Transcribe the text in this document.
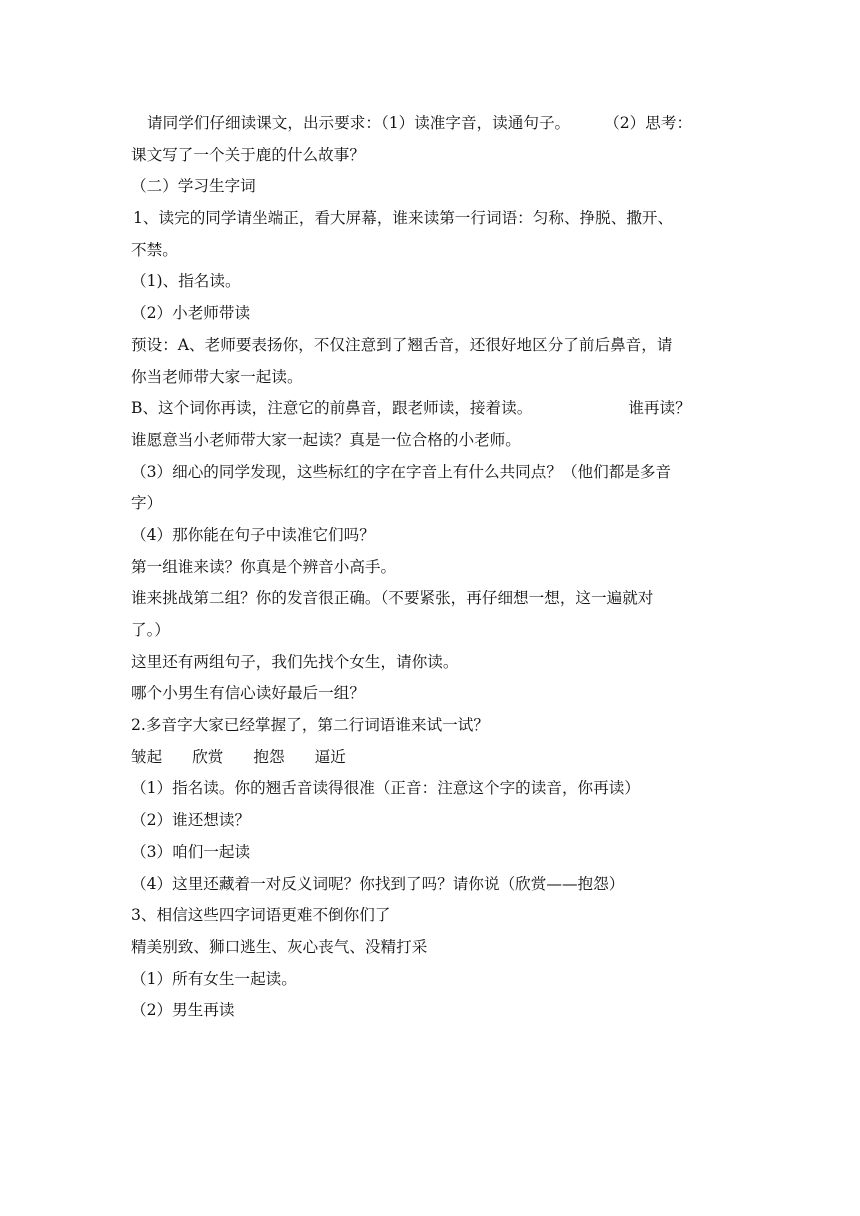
请同学们仔细读课文，出示要求：（1）读准字音，读通句子。 （2）思考：
课文写了一个关于鹿的什么故事？
（二）学习生字词
1、读完的同学请坐端正，看大屏幕，谁来读第一行词语：匀称、挣脱、撒开、
不禁。
（1)、指名读。
（2）小老师带读
预设：A、老师要表扬你，不仅注意到了翘舌音，还很好地区分了前后鼻音，请
你当老师带大家一起读。
B、这个词你再读，注意它的前鼻音，跟老师读，接着读。	谁再读？
谁愿意当小老师带大家一起读？真是一位合格的小老师。
（3）细心的同学发现，这些标红的字在字音上有什么共同点？（他们都是多音
字）
（4）那你能在句子中读准它们吗？
第一组谁来读？你真是个辨音小高手。
谁来挑战第二组？你的发音很正确。（不要紧张，再仔细想一想，这一遍就对
了。）
这里还有两组句子，我们先找个女生，请你读。
哪个小男生有信心读好最后一组？
2.多音字大家已经掌握了，第二行词语谁来试一试？
皱起 欣赏 抱怨 逼近
（1）指名读。你的翘舌音读得很准（正音：注意这个字的读音，你再读）
（2）谁还想读？
（3）咱们一起读
（4）这里还藏着一对反义词呢？你找到了吗？请你说（欣赏——抱怨）
3、相信这些四字词语更难不倒你们了
精美别致、狮口逃生、灰心丧气、没精打采
（1）所有女生一起读。
（2）男生再读
